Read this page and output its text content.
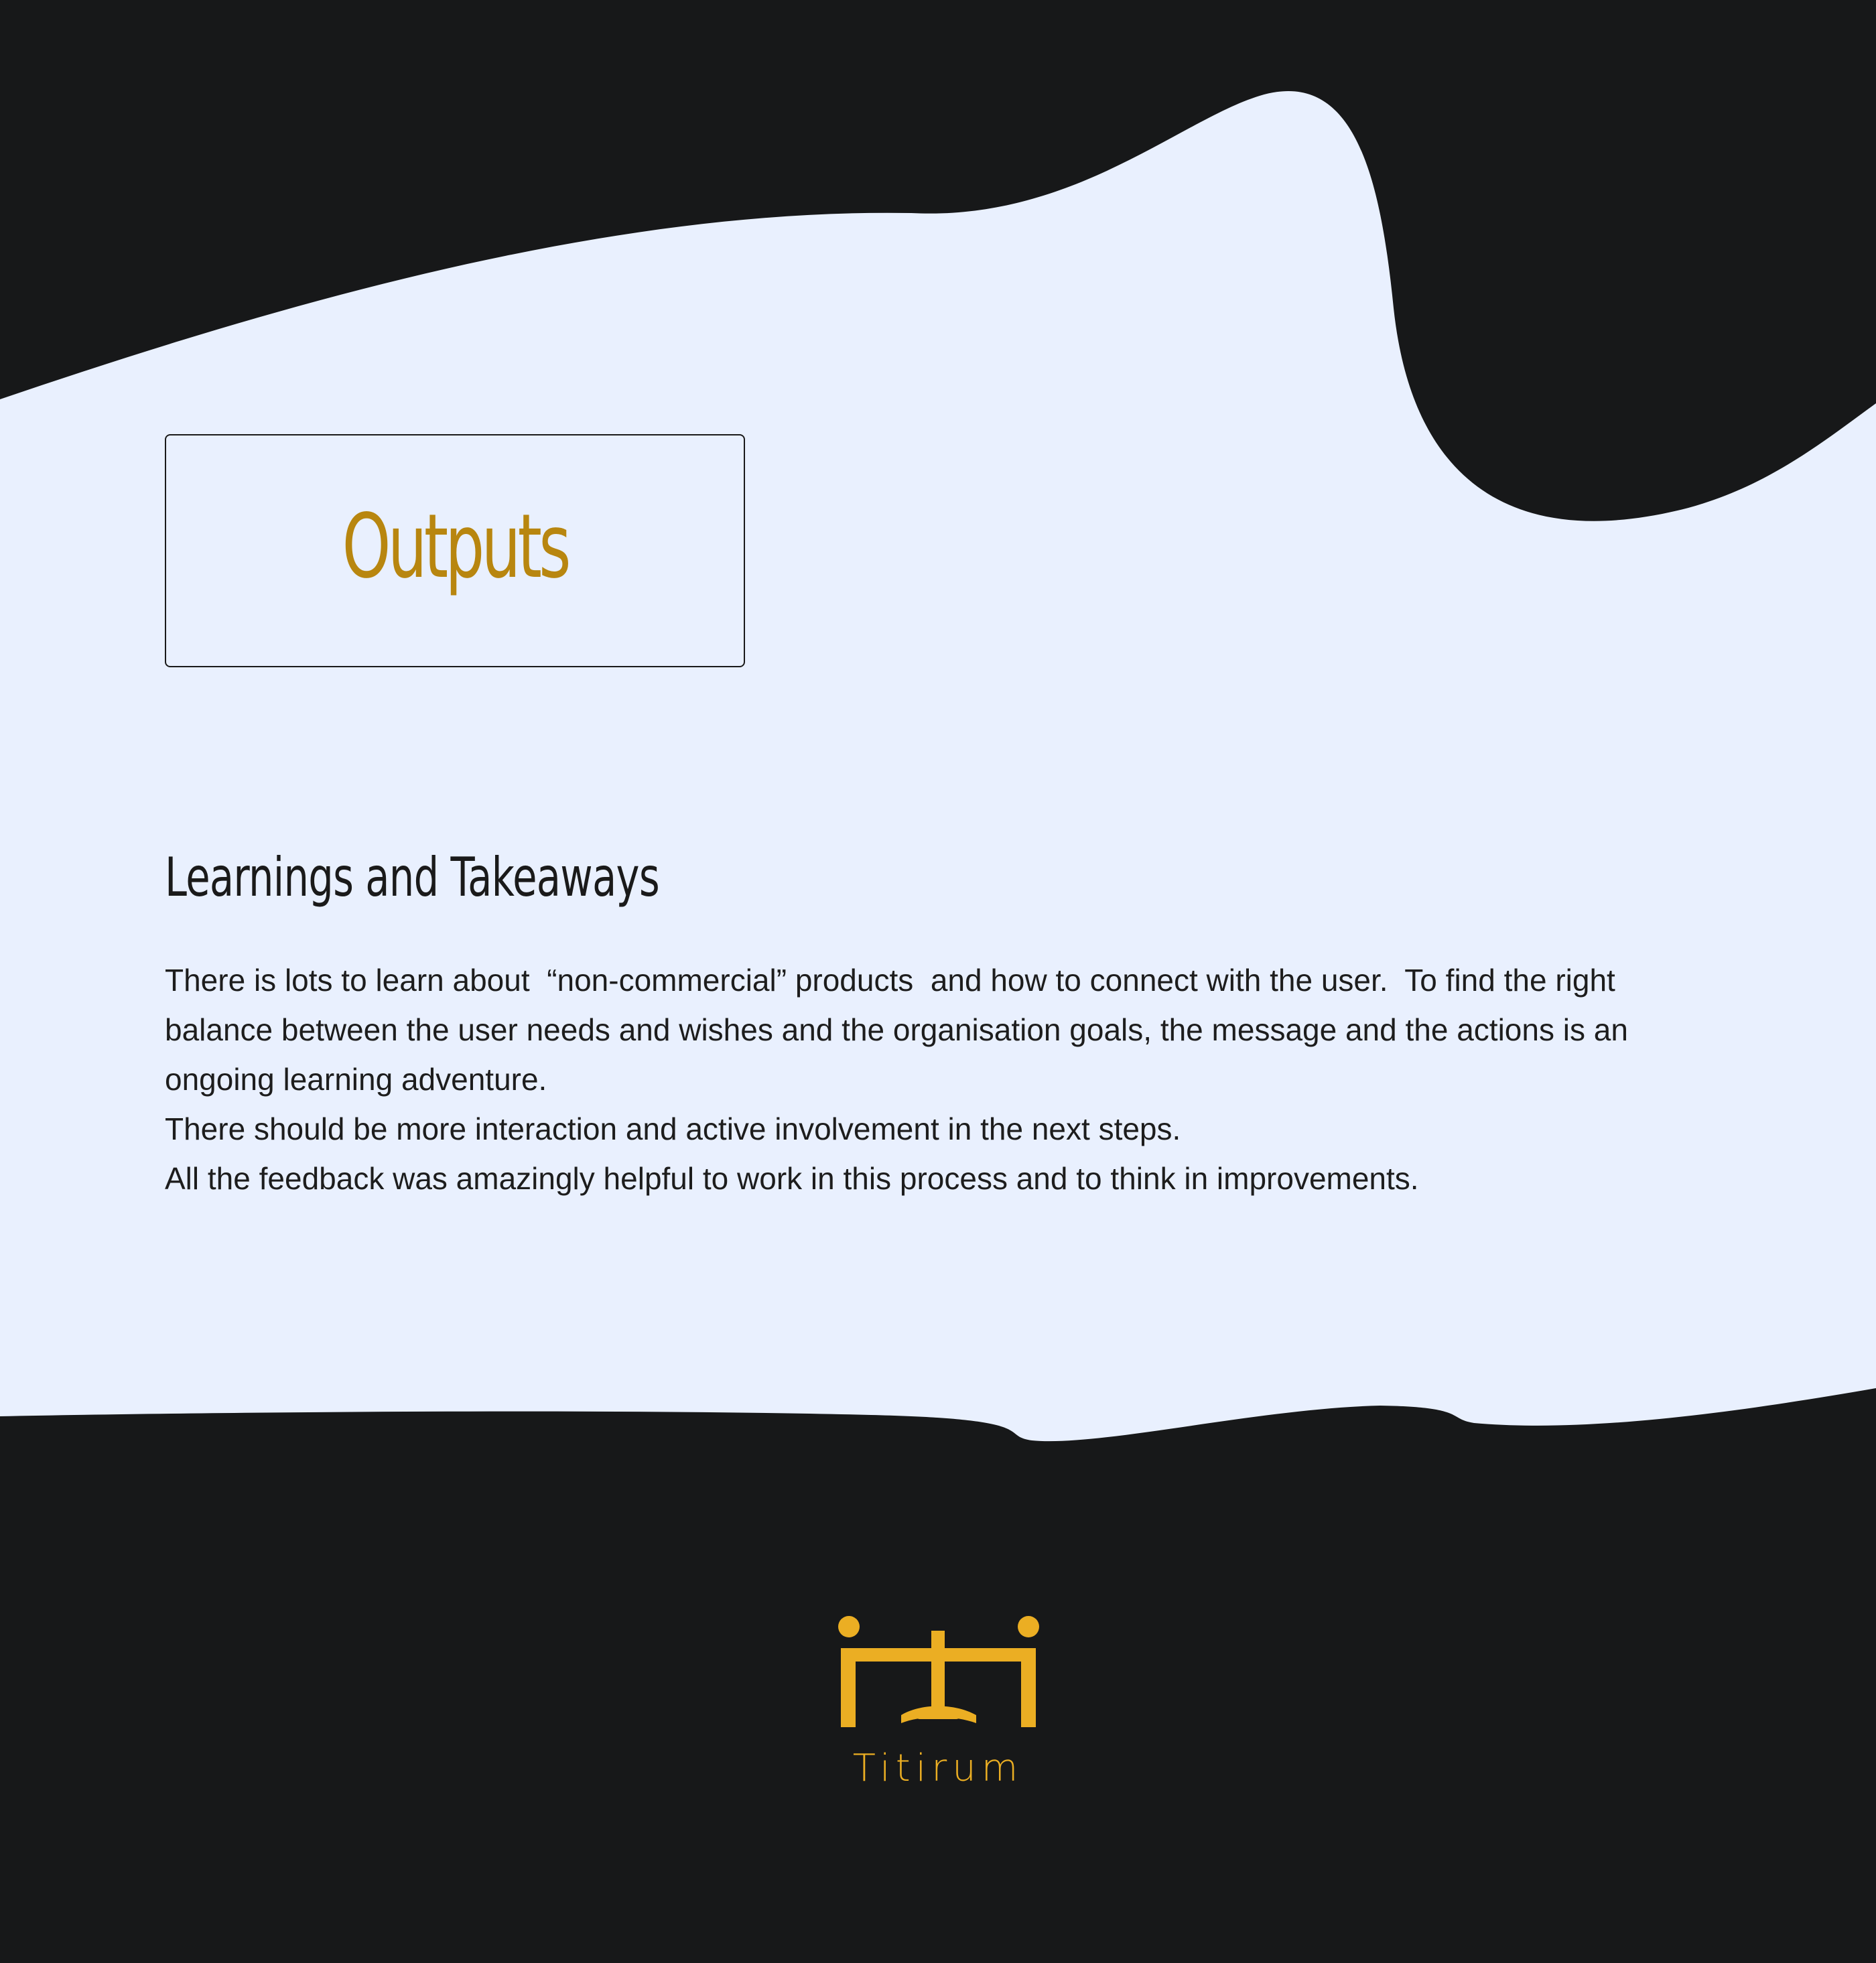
Outputs
Learnings and Takeaways

There is lots to learn about  “non-commercial” products  and how to connect with the user.  To find the right balance between the user needs and wishes and the organisation goals, the message and the actions is an ongoing learning adventure.

There should be more interaction and active involvement in the next steps.

All the feedback was amazingly helpful to work in this process and to think in improvements.

Titirum
